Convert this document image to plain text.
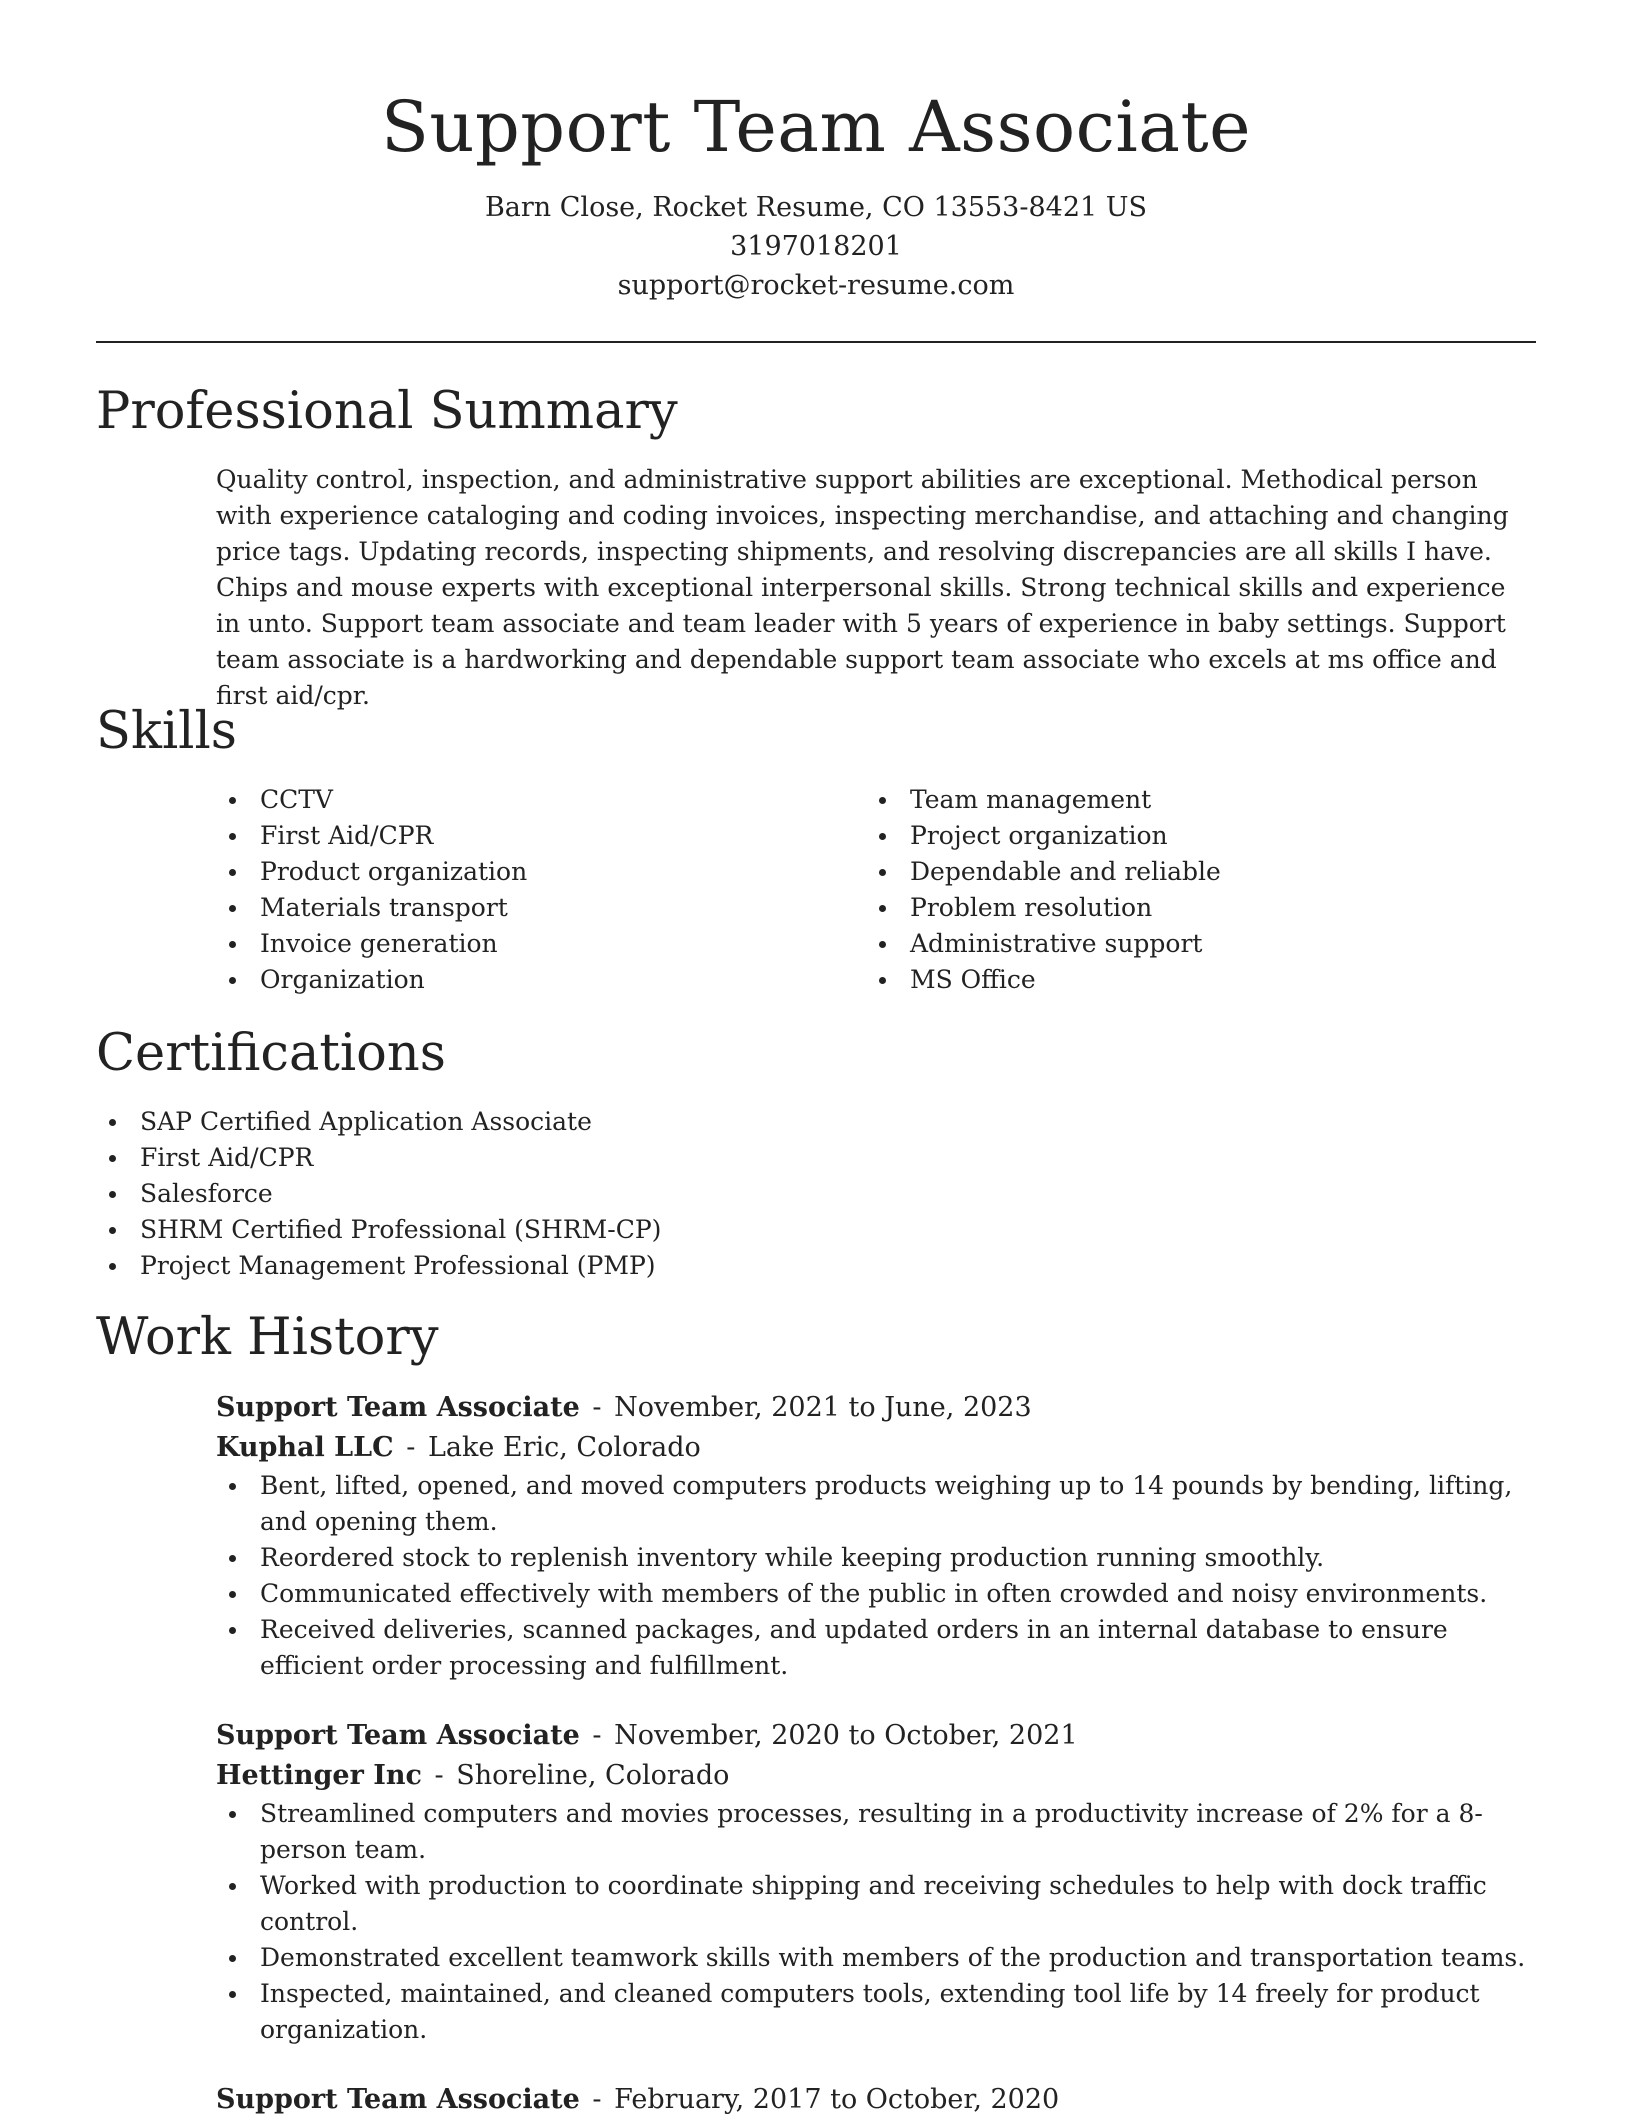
Support Team Associate
Barn Close, Rocket Resume, CO 13553-8421 US
3197018201
support@rocket-resume.com
Professional Summary
Quality control, inspection, and administrative support abilities are exceptional. Methodical person with experience cataloging and coding invoices, inspecting merchandise, and attaching and changing price tags. Updating records, inspecting shipments, and resolving discrepancies are all skills I have. Chips and mouse experts with exceptional interpersonal skills. Strong technical skills and experience in unto. Support team associate and team leader with 5 years of experience in baby settings. Support team associate is a hardworking and dependable support team associate who excels at ms office and first aid/cpr.
Skills
CCTV
First Aid/CPR
Product organization
Materials transport
Invoice generation
Organization
Team management
Project organization
Dependable and reliable
Problem resolution
Administrative support
MS Office
Certifications
SAP Certified Application Associate
First Aid/CPR
Salesforce
SHRM Certified Professional (SHRM-CP)
Project Management Professional (PMP)
Work History
Support Team Associate - November, 2021 to June, 2023
Kuphal LLC - Lake Eric, Colorado
Bent, lifted, opened, and moved computers products weighing up to 14 pounds by bending, lifting, and opening them.
Reordered stock to replenish inventory while keeping production running smoothly.
Communicated effectively with members of the public in often crowded and noisy environments.
Received deliveries, scanned packages, and updated orders in an internal database to ensure efficient order processing and fulfillment.
Support Team Associate - November, 2020 to October, 2021
Hettinger Inc - Shoreline, Colorado
Streamlined computers and movies processes, resulting in a productivity increase of 2% for a 8-person team.
Worked with production to coordinate shipping and receiving schedules to help with dock traffic control.
Demonstrated excellent teamwork skills with members of the production and transportation teams.
Inspected, maintained, and cleaned computers tools, extending tool life by 14 freely for product organization.
Support Team Associate - February, 2017 to October, 2020
